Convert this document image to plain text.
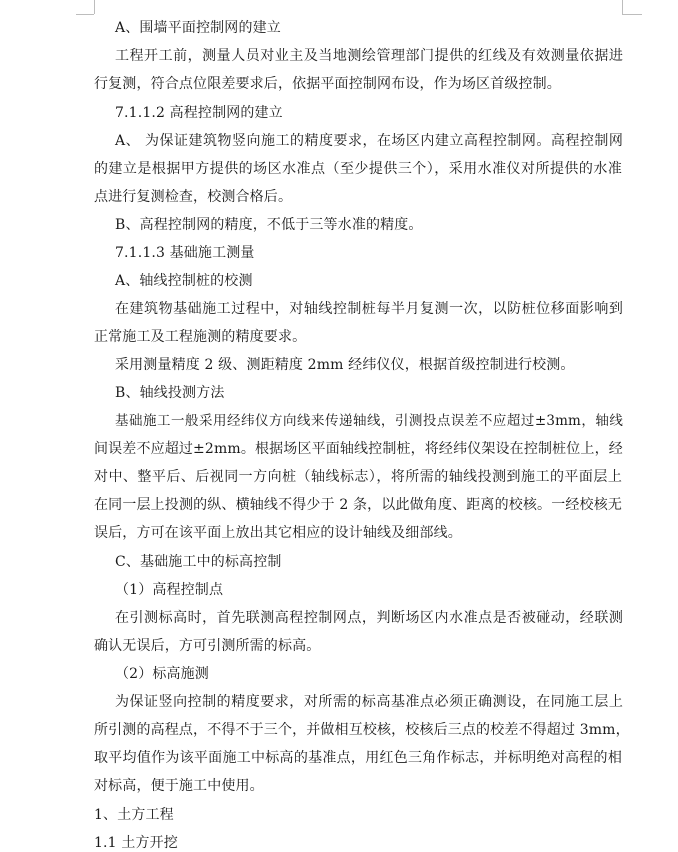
A、围墙平面控制网的建立
工程开工前，测量人员对业主及当地测绘管理部门提供的红线及有效测量依据进
行复测，符合点位限差要求后，依据平面控制网布设，作为场区首级控制。
7.1.1.2 高程控制网的建立
A、 为保证建筑物竖向施工的精度要求，在场区内建立高程控制网。高程控制网
的建立是根据甲方提供的场区水准点（至少提供三个），采用水准仪对所提供的水准
点进行复测检查，校测合格后。
B、高程控制网的精度，不低于三等水准的精度。
7.1.1.3 基础施工测量
A、轴线控制桩的校测
在建筑物基础施工过程中，对轴线控制桩每半月复测一次，以防桩位移面影响到
正常施工及工程施测的精度要求。
采用测量精度 2 级、测距精度 2mm 经纬仪仪，根据首级控制进行校测。
B、轴线投测方法
基础施工一般采用经纬仪方向线来传递轴线，引测投点误差不应超过±3mm，轴线
间误差不应超过±2mm。根据场区平面轴线控制桩，将经纬仪架设在控制桩位上，经
对中、整平后、后视同一方向桩（轴线标志），将所需的轴线投测到施工的平面层上
在同一层上投测的纵、横轴线不得少于 2 条，以此做角度、距离的校核。一经校核无
误后，方可在该平面上放出其它相应的设计轴线及细部线。
C、基础施工中的标高控制
（1）高程控制点
在引测标高时，首先联测高程控制网点，判断场区内水准点是否被碰动，经联测
确认无误后，方可引测所需的标高。
（2）标高施测
为保证竖向控制的精度要求，对所需的标高基准点必须正确测设，在同施工层上
所引测的高程点，不得不于三个，并做相互校核，校核后三点的校差不得超过 3mm，
取平均值作为该平面施工中标高的基准点，用红色三角作标志，并标明绝对高程的相
对标高，便于施工中使用。
1、土方工程
1.1 土方开挖
